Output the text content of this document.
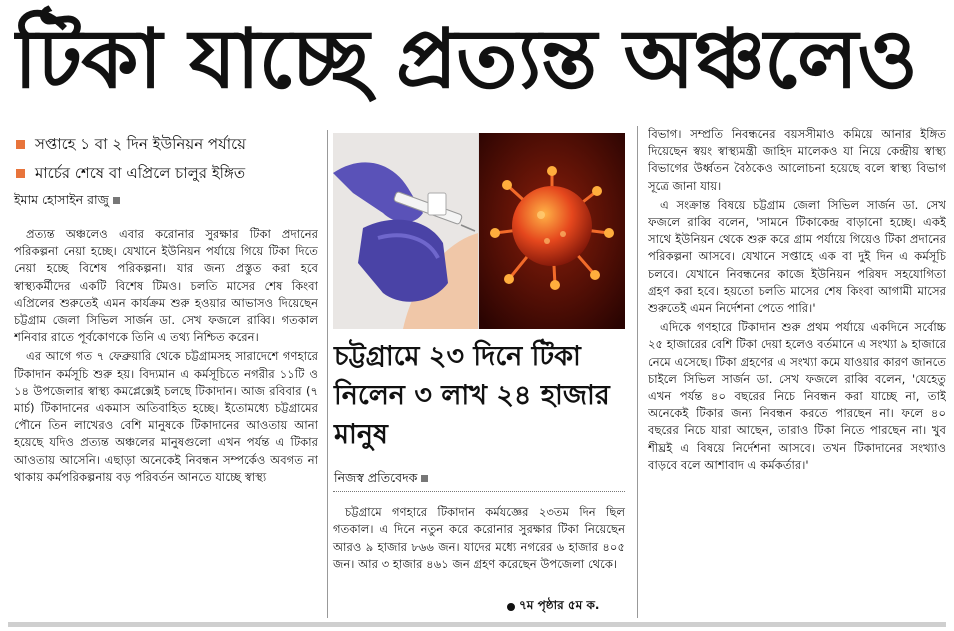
টিকা যাচ্ছে প্রত্যন্ত অঞ্চলেও
সপ্তাহে ১ বা ২ দিন ইউনিয়ন পর্যায়ে
মার্চের শেষে বা এপ্রিলে চালুর ইঙ্গিত
ইমাম হোসাইন রাজু

প্রত্যন্ত অঞ্চলেও এবার করোনার সুরক্ষার টিকা প্রদানের পরিকল্পনা নেয়া হচ্ছে। যেখানে ইউনিয়ন পর্যায়ে গিয়ে টিকা দিতে নেয়া হচ্ছে বিশেষ পরিকল্পনা। যার জন্য প্রস্তুত করা হবে স্বাস্থ্যকর্মীদের একটি বিশেষ টিমও। চলতি মাসের শেষ কিংবা এপ্রিলের শুরুতেই এমন কার্যক্রম শুরু হওয়ার আভাসও দিয়েছেন চট্টগ্রাম জেলা সিভিল সার্জন ডা. সেখ ফজলে রাব্বি। গতকাল শনিবার রাতে পূর্বকোণকে তিনি এ তথ্য নিশ্চিত করেন।

এর আগে গত ৭ ফেব্রুয়ারি থেকে চট্টগ্রামসহ সারাদেশে গণহারে টিকাদান কর্মসূচি শুরু হয়। বিদ্যমান এ কর্মসূচিতে নগরীর ১১টি ও ১৪ উপজেলার স্বাস্থ্য কমপ্লেক্সেই চলছে টিকাদান। আজ রবিবার (৭ মার্চ) টিকাদানের একমাস অতিবাহিত হচ্ছে। ইতোমধ্যে চট্টগ্রামের পৌনে তিন লাখেরও বেশি মানুষকে টিকাদানের আওতায় আনা হয়েছে যদিও প্রত্যন্ত অঞ্চলের মানুষগুলো এখন পর্যন্ত এ টিকার আওতায় আসেনি। এছাড়া অনেকেই নিবন্ধন সম্পর্কেও অবগত না থাকায় কর্মপরিকল্পনায় বড় পরিবর্তন আনতে যাচ্ছে স্বাস্থ্য

চট্টগ্রামে ২৩ দিনে টিকা নিলেন ৩ লাখ ২৪ হাজার মানুষ
নিজস্ব প্রতিবেদক

চট্টগ্রামে গণহারে টিকাদান কর্মযজ্ঞের ২৩তম দিন ছিল গতকাল। এ দিনে নতুন করে করোনার সুরক্ষার টিকা নিয়েছেন আরও ৯ হাজার ৮৬৬ জন। যাদের মধ্যে নগরের ৬ হাজার ৪০৫ জন। আর ৩ হাজার ৪৬১ জন গ্রহণ করেছেন উপজেলা থেকে।

৭ম পৃষ্ঠার ৫ম ক.

বিভাগ। সম্প্রতি নিবন্ধনের বয়সসীমাও কমিয়ে আনার ইঙ্গিত দিয়েছেন স্বয়ং স্বাস্থ্যমন্ত্রী জাহিদ মালেকও যা নিয়ে কেন্দ্রীয় স্বাস্থ্য বিভাগের উর্ধ্বতন বৈঠকেও আলোচনা হয়েছে বলে স্বাস্থ্য বিভাগ সূত্রে জানা যায়।

এ সংক্রান্ত বিষয়ে চট্টগ্রাম জেলা সিভিল সার্জন ডা. সেখ ফজলে রাব্বি বলেন, 'সামনে টিকাকেন্দ্র বাড়ানো হচ্ছে। একই সাথে ইউনিয়ন থেকে শুরু করে গ্রাম পর্যায়ে গিয়েও টিকা প্রদানের পরিকল্পনা আসবে। যেখানে সপ্তাহে এক বা দুই দিন এ কর্মসূচি চলবে। যেখানে নিবন্ধনের কাজে ইউনিয়ন পরিষদ সহযোগিতা গ্রহণ করা হবে। হয়তো চলতি মাসের শেষ কিংবা আগামী মাসের শুরুতেই এমন নির্দেশনা পেতে পারি।'

এদিকে গণহারে টিকাদান শুরু প্রথম পর্যায়ে একদিনে সর্বোচ্চ ২৫ হাজারের বেশি টিকা দেয়া হলেও বর্তমানে এ সংখ্যা ৯ হাজারে নেমে এসেছে। টিকা গ্রহণের এ সংখ্যা কমে যাওয়ার কারণ জানতে চাইলে সিভিল সার্জন ডা. সেখ ফজলে রাব্বি বলেন, 'যেহেতু এখন পর্যন্ত ৪০ বছরের নিচে নিবন্ধন করা যাচ্ছে না, তাই অনেকেই টিকার জন্য নিবন্ধন করতে পারছেন না। ফলে ৪০ বছরের নিচে যারা আছেন, তারাও টিকা নিতে পারছেন না। খুব শীঘ্রই এ বিষয়ে নির্দেশনা আসবে। তখন টিকাদানের সংখ্যাও বাড়বে বলে আশাবাদ এ কর্মকর্তার।'
